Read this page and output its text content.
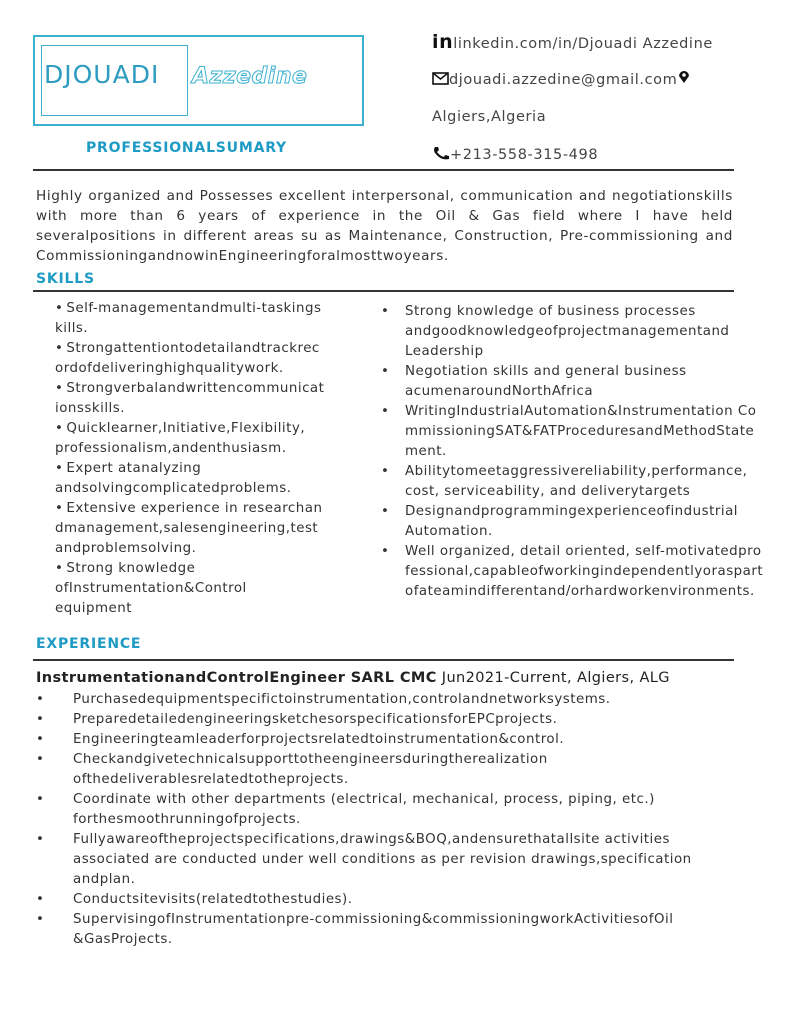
DJOUADI Azzedine
inlinkedin.com/in/Djouadi Azzedine
djouadi.azzedine@gmail.com
Algiers,Algeria
+213-558-315-498
PROFESSIONALSUMARY
Highly organized and Possesses excellent interpersonal, communication and negotiationskills with more than 6 years of experience in the Oil & Gas field where I have held severalpositions in different areas su as Maintenance, Construction, Pre-commissioning and CommissioningandnowinEngineeringforalmosttwoyears.
SKILLS
• Self-managementandmulti-taskingskills.
• Strongattentiontodetailandtrackrecordofdeliveringhighqualitywork.
• Strongverbalandwrittencommunicationsskills.
• Quicklearner,Initiative,Flexibility, professionalism,andenthusiasm.
• Expert atanalyzing andsolvingcomplicatedproblems.
• Extensive experience in researchandmanagement,salesengineering,testandproblemsolving.
• Strong knowledge ofInstrumentation&Control equipment
• Strong knowledge of business processes andgoodknowledgeofprojectmanagementand Leadership
• Negotiation skills and general business acumenaroundNorthAfrica
• WritingIndustrialAutomation&Instrumentation CommissioningSAT&FATProceduresandMethodStatement.
• Abilitytomeetaggressivereliability,performance, cost, serviceability, and deliverytargets
• Designandprogrammingexperienceofindustrial Automation.
• Well organized, detail oriented, self-motivatedprofessional,capableofworkingindependentlyoraspartofateamindifferentand/orhardworkenvironments.
EXPERIENCE
InstrumentationandControlEngineer SARL CMC Jun2021-Current, Algiers, ALG
• Purchasedequipmentspecifictoinstrumentation,controlandnetworksystems.
• PreparedetailedengineeringsketchesorspecificationsforEPCprojects.
• Engineeringteamleaderforprojectsrelatedtoinstrumentation&control.
• Checkandgivetechnicalsupporttotheengineersduringtherealization ofthedeliverablesrelatedtotheprojects.
• Coordinate with other departments (electrical, mechanical, process, piping, etc.) forthesmoothrunningofprojects.
• Fullyawareoftheprojectspecifications,drawings&BOQ,andensurethatallsite activities associated are conducted under well conditions as per revision drawings,specification andplan.
• Conductsitevisits(relatedtothestudies).
• SupervisingofInstrumentationpre-commissioning&commissioningworkActivitiesofOil &GasProjects.
